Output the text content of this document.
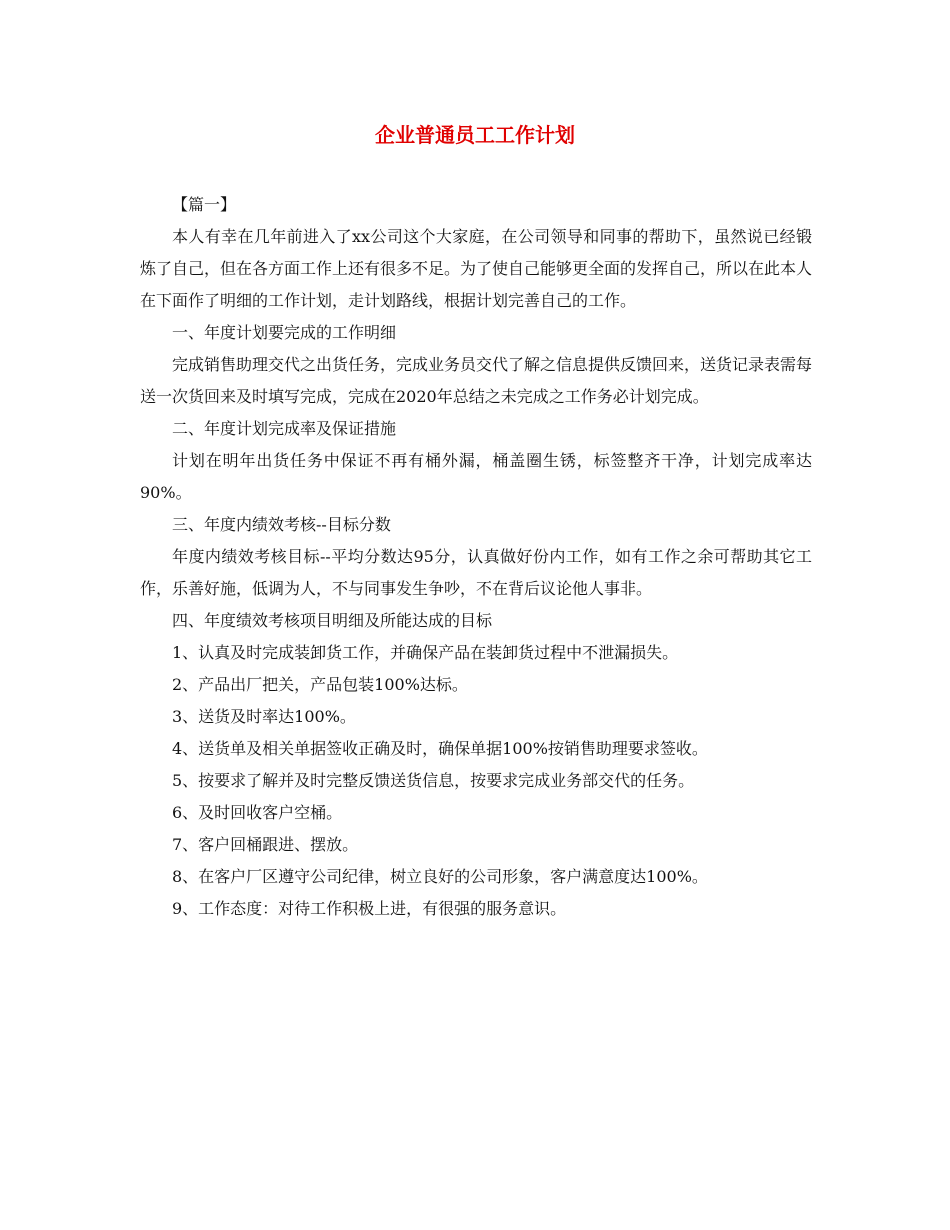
企业普通员工工作计划

【篇一】

本人有幸在几年前进入了xx公司这个大家庭，在公司领导和同事的帮助下，虽然说已经锻炼了自己，但在各方面工作上还有很多不足。为了使自己能够更全面的发挥自己，所以在此本人在下面作了明细的工作计划，走计划路线，根据计划完善自己的工作。

一、年度计划要完成的工作明细

完成销售助理交代之出货任务，完成业务员交代了解之信息提供反馈回来，送货记录表需每送一次货回来及时填写完成，完成在2020年总结之未完成之工作务必计划完成。

二、年度计划完成率及保证措施

计划在明年出货任务中保证不再有桶外漏，桶盖圈生锈，标签整齐干净，计划完成率达90%。

三、年度内绩效考核--目标分数

年度内绩效考核目标--平均分数达95分，认真做好份内工作，如有工作之余可帮助其它工作，乐善好施，低调为人，不与同事发生争吵，不在背后议论他人事非。

四、年度绩效考核项目明细及所能达成的目标

1、认真及时完成装卸货工作，并确保产品在装卸货过程中不泄漏损失。

2、产品出厂把关，产品包装100%达标。

3、送货及时率达100%。

4、送货单及相关单据签收正确及时，确保单据100%按销售助理要求签收。

5、按要求了解并及时完整反馈送货信息，按要求完成业务部交代的任务。

6、及时回收客户空桶。

7、客户回桶跟进、摆放。

8、在客户厂区遵守公司纪律，树立良好的公司形象，客户满意度达100%。

9、工作态度：对待工作积极上进，有很强的服务意识。
